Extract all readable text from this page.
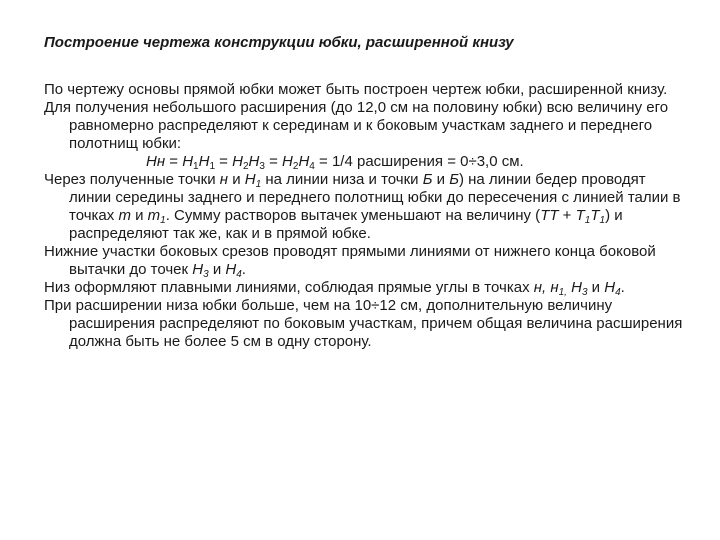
Построение чертежа конструкции юбки, расширенной книзу

По чертежу основы прямой юбки может быть построен чертеж юбки, расширенной книзу.

Для получения небольшого расширения (до 12,0 см на половину юбки) всю величину его равномерно распределяют к серединам и к боковым участкам заднего и переднего полотнищ юбки:

Нн = $Н_1Н_1 = Н_2Н_3 = Н_2Н_4 = 1/4$ расширения = 0÷3,0 см.

Через полученные точки н и $Н_1$ на линии низа и точки Б и Б) на линии бедер проводят линии середины заднего и переднего полотнищ юбки до пересечения с линией талии в точках т и $т_1$. Сумму растворов вытачек уменьшают на величину $(ТТ + Т_1Т_1)$ и распределяют так же, как и в прямой юбке.

Нижние участки боковых срезов проводят прямыми линиями от нижнего конца боковой вытачки до точек $Н_3$ и $Н_4$.

Низ оформляют плавными линиями, соблюдая прямые углы в точках н, $н_{1,}$ $Н_3$ и $Н_4$.

При расширении низа юбки больше, чем на 10÷12 см, дополнительную величину расширения распределяют по боковым участкам, причем общая величина расширения должна быть не более 5 см в одну сторону.
